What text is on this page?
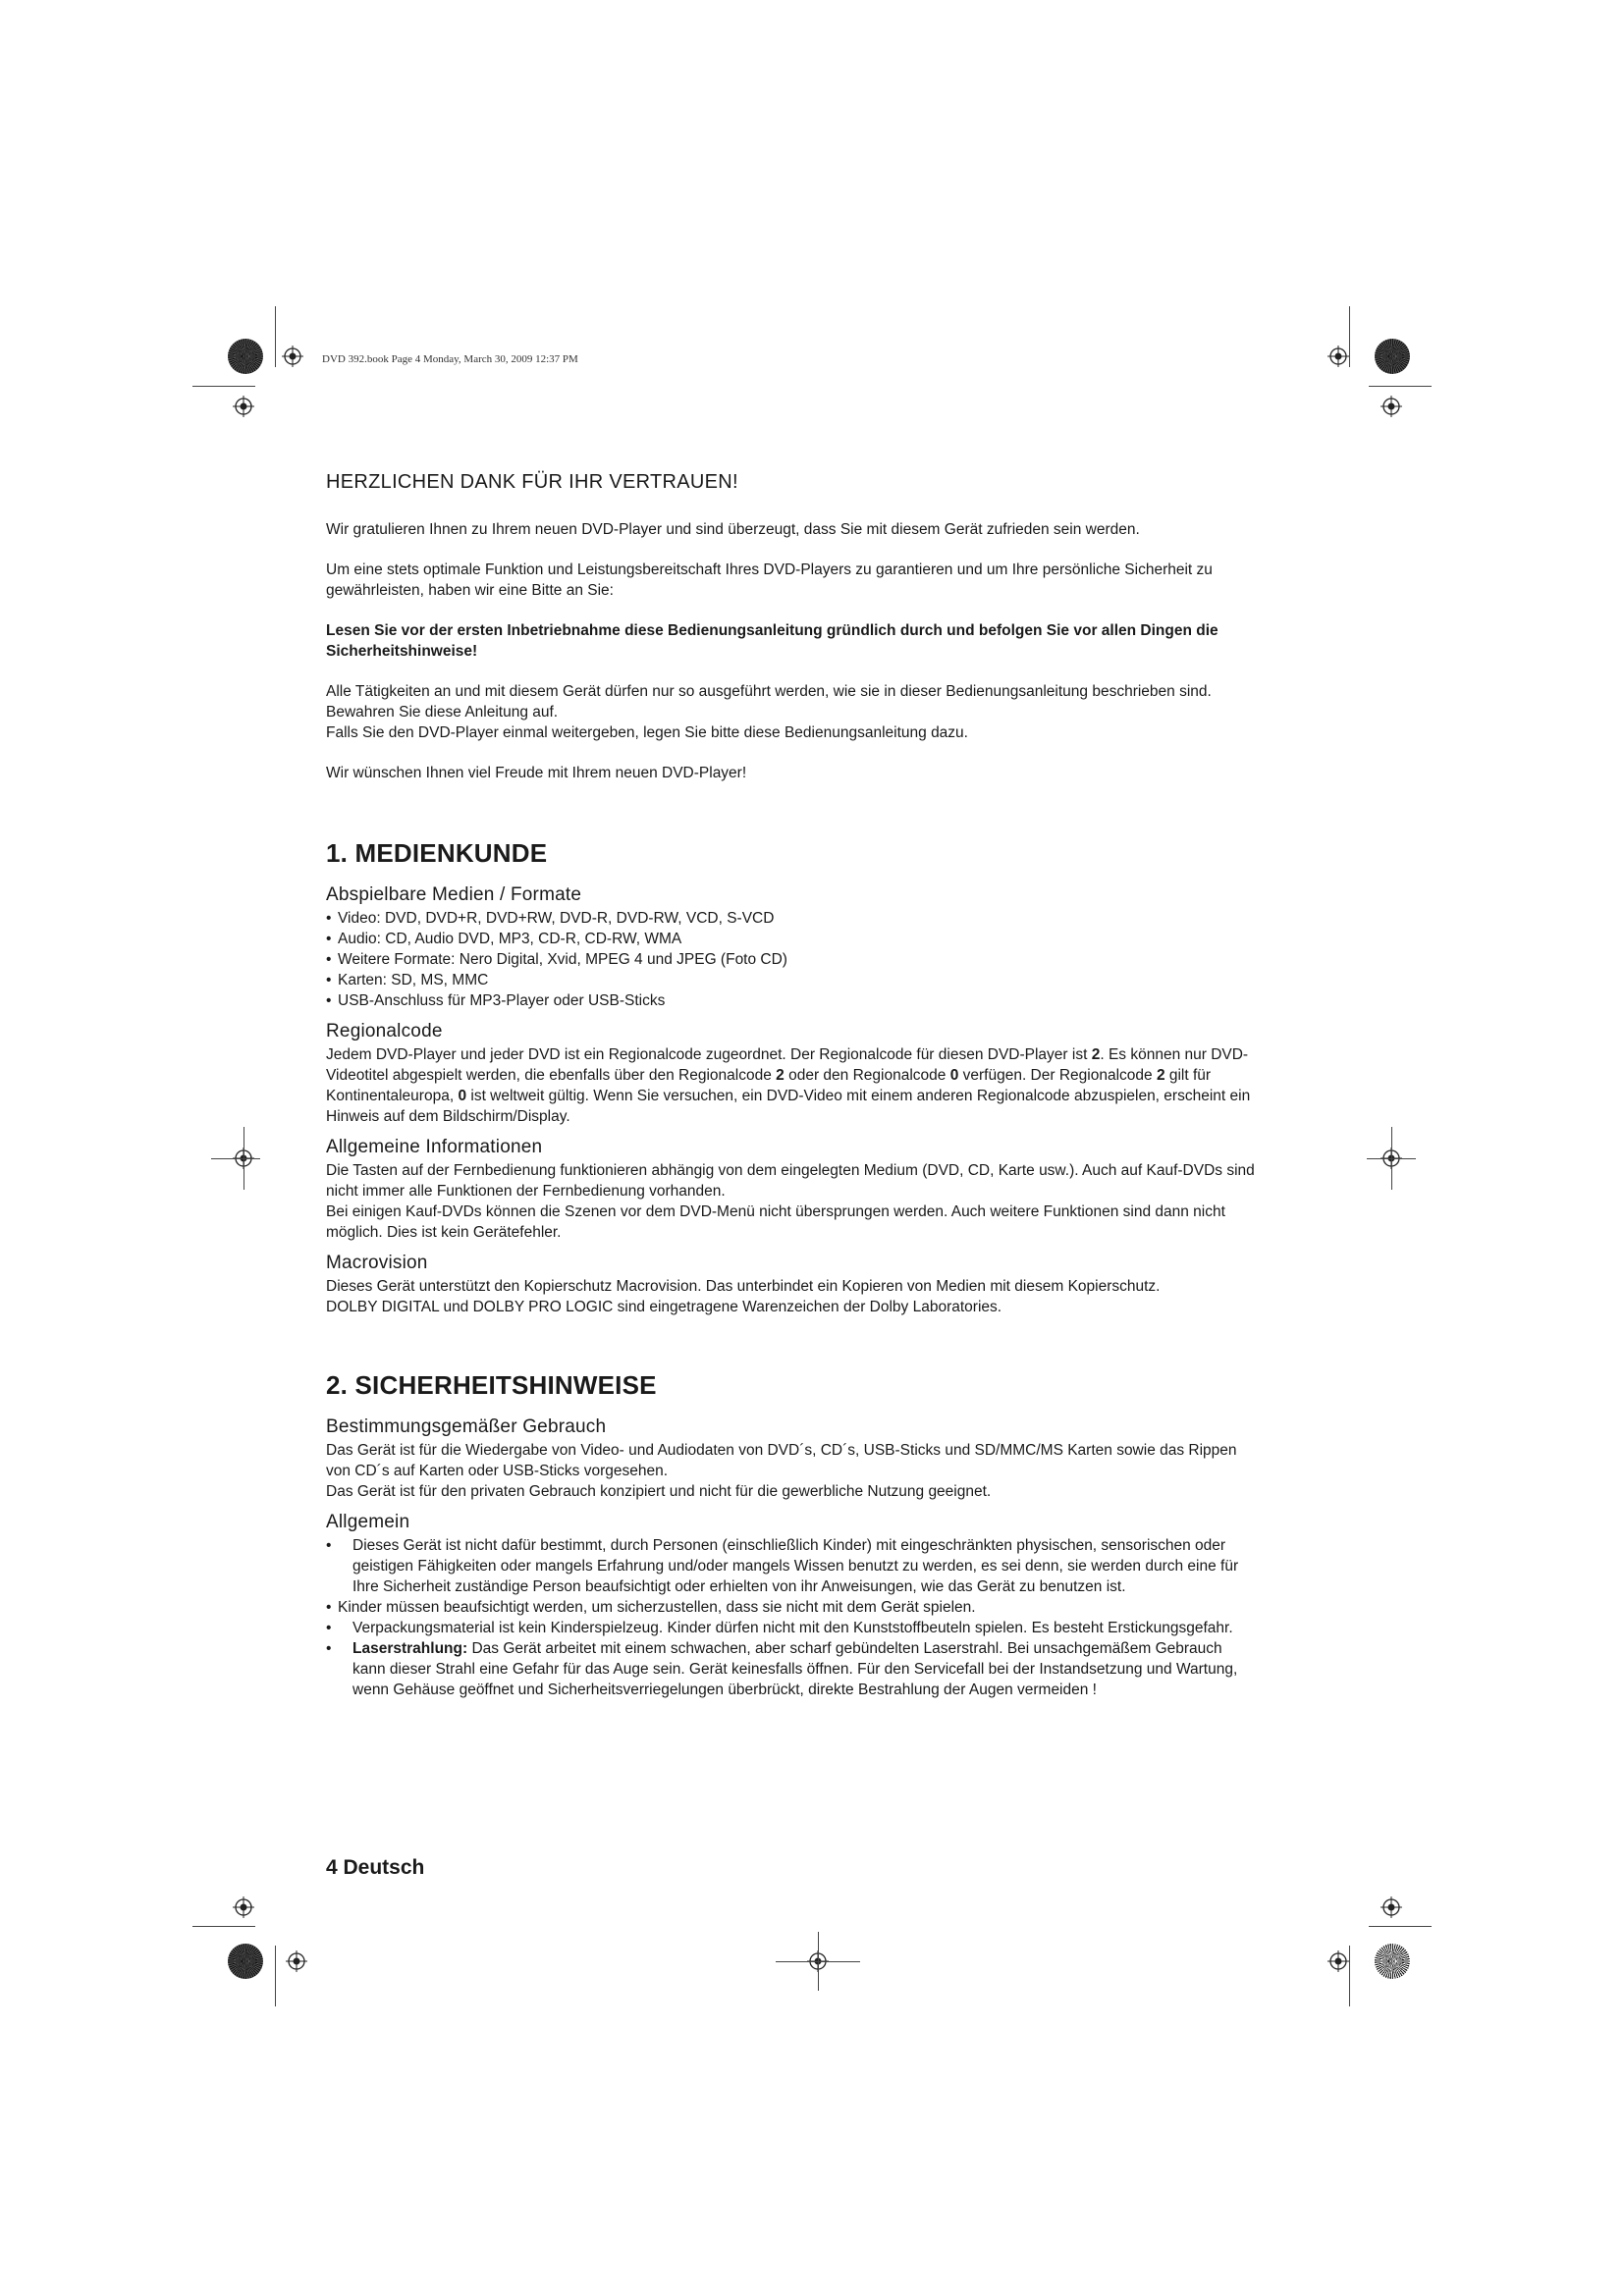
DVD 392.book Page 4 Monday, March 30, 2009 12:37 PM
HERZLICHEN DANK FÜR IHR VERTRAUEN!

Wir gratulieren Ihnen zu Ihrem neuen DVD-Player und sind überzeugt, dass Sie mit diesem Gerät zufrieden sein werden.

Um eine stets optimale Funktion und Leistungsbereitschaft Ihres DVD-Players zu garantieren und um Ihre persönliche Sicherheit zu gewährleisten, haben wir eine Bitte an Sie:

Lesen Sie vor der ersten Inbetriebnahme diese Bedienungsanleitung gründlich durch und befolgen Sie vor allen Dingen die Sicherheitshinweise!

Alle Tätigkeiten an und mit diesem Gerät dürfen nur so ausgeführt werden, wie sie in dieser Bedienungsanleitung beschrieben sind.

Bewahren Sie diese Anleitung auf.

Falls Sie den DVD-Player einmal weitergeben, legen Sie bitte diese Bedienungsanleitung dazu.

Wir wünschen Ihnen viel Freude mit Ihrem neuen DVD-Player!

1. MEDIENKUNDE
Abspielbare Medien / Formate
• Video: DVD, DVD+R, DVD+RW, DVD-R, DVD-RW, VCD, S-VCD
• Audio: CD, Audio DVD, MP3, CD-R, CD-RW, WMA
• Weitere Formate: Nero Digital, Xvid, MPEG 4 und JPEG (Foto CD)
• Karten: SD, MS, MMC
• USB-Anschluss für MP3-Player oder USB-Sticks
Regionalcode

Jedem DVD-Player und jeder DVD ist ein Regionalcode zugeordnet. Der Regionalcode für diesen DVD-Player ist 2. Es können nur DVD-Videotitel abgespielt werden, die ebenfalls über den Regionalcode 2 oder den Regionalcode 0 verfügen. Der Regionalcode 2 gilt für Kontinentaleuropa, 0 ist weltweit gültig. Wenn Sie versuchen, ein DVD-Video mit einem anderen Regionalcode abzuspielen, erscheint ein Hinweis auf dem Bildschirm/Display.

Allgemeine Informationen

Die Tasten auf der Fernbedienung funktionieren abhängig von dem eingelegten Medium (DVD, CD, Karte usw.). Auch auf Kauf-DVDs sind nicht immer alle Funktionen der Fernbedienung vorhanden.

Bei einigen Kauf-DVDs können die Szenen vor dem DVD-Menü nicht übersprungen werden. Auch weitere Funktionen sind dann nicht möglich. Dies ist kein Gerätefehler.

Macrovision

Dieses Gerät unterstützt den Kopierschutz Macrovision. Das unterbindet ein Kopieren von Medien mit diesem Kopierschutz.

DOLBY DIGITAL und DOLBY PRO LOGIC sind eingetragene Warenzeichen der Dolby Laboratories.

2. SICHERHEITSHINWEISE
Bestimmungsgemäßer Gebrauch

Das Gerät ist für die Wiedergabe von Video- und Audiodaten von DVD´s, CD´s, USB-Sticks und SD/MMC/MS Karten sowie das Rippen von CD´s auf Karten oder USB-Sticks vorgesehen.

Das Gerät ist für den privaten Gebrauch konzipiert und nicht für die gewerbliche Nutzung geeignet.

Allgemein
• Dieses Gerät ist nicht dafür bestimmt, durch Personen (einschließlich Kinder) mit eingeschränkten physischen, sensorischen oder geistigen Fähigkeiten oder mangels Erfahrung und/oder mangels Wissen benutzt zu werden, es sei denn, sie werden durch eine für Ihre Sicherheit zuständige Person beaufsichtigt oder erhielten von ihr Anweisungen, wie das Gerät zu benutzen ist.
• Kinder müssen beaufsichtigt werden, um sicherzustellen, dass sie nicht mit dem Gerät spielen.
• Verpackungsmaterial ist kein Kinderspielzeug. Kinder dürfen nicht mit den Kunststoffbeuteln spielen. Es besteht Erstickungsgefahr.
• Laserstrahlung: Das Gerät arbeitet mit einem schwachen, aber scharf gebündelten Laserstrahl. Bei unsachgemäßem Gebrauch kann dieser Strahl eine Gefahr für das Auge sein. Gerät keinesfalls öffnen. Für den Servicefall bei der Instandsetzung und Wartung, wenn Gehäuse geöffnet und Sicherheitsverriegelungen überbrückt, direkte Bestrahlung der Augen vermeiden !
4 Deutsch
